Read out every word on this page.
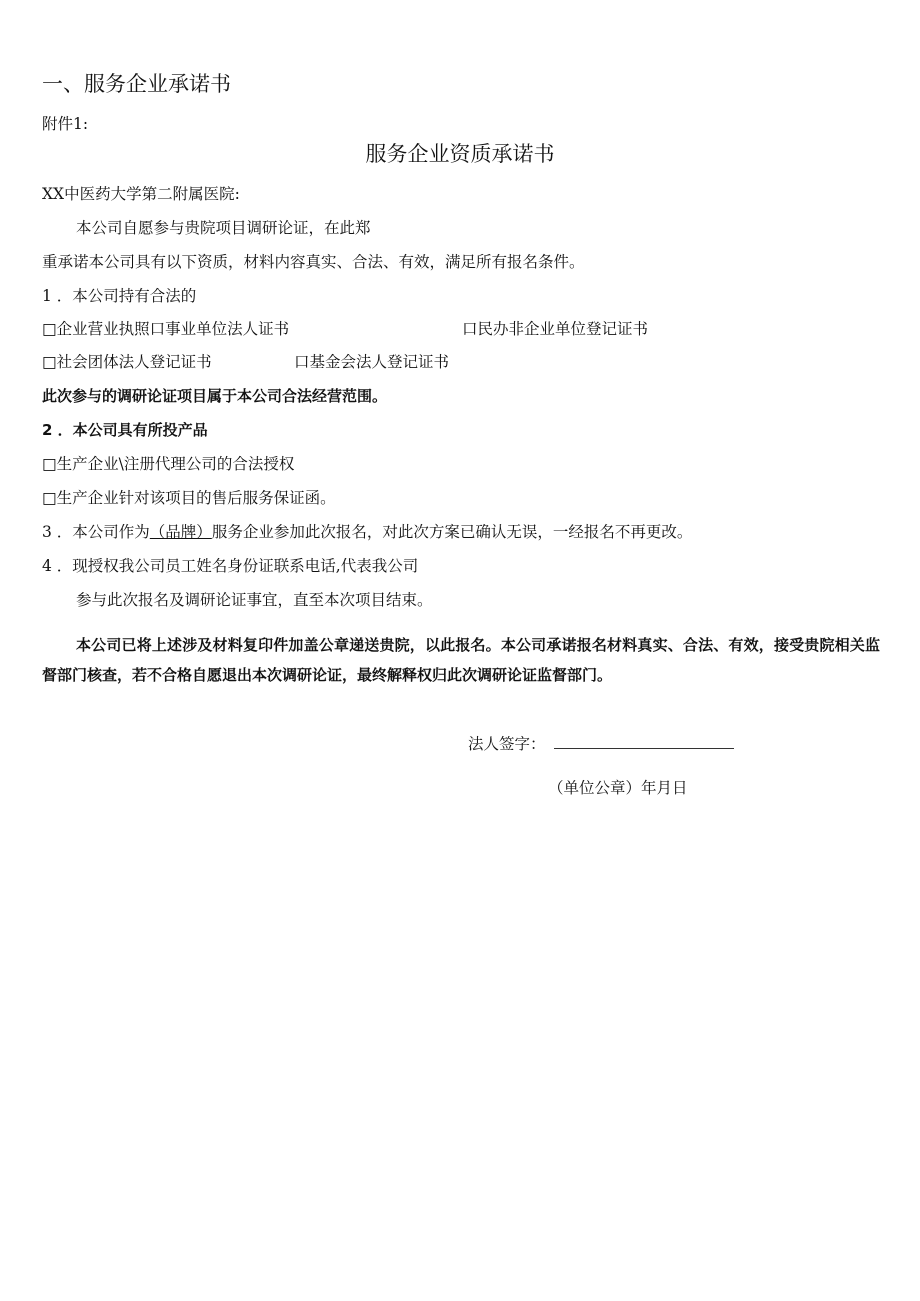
一、服务企业承诺书
附件1:
服务企业资质承诺书
XX中医药大学第二附属医院:
本公司自愿参与贵院项目调研论证，在此郑
重承诺本公司具有以下资质，材料内容真实、合法、有效，满足所有报名条件。
1 ．本公司持有合法的
□企业营业执照口事业单位法人证书	口民办非企业单位登记证书
□社会团体法人登记证书	口基金会法人登记证书
此次参与的调研论证项目属于本公司合法经营范围。
2 ．本公司具有所投产品
□生产企业\注册代理公司的合法授权
□生产企业针对该项目的售后服务保证函。
3 ．本公司作为（品牌）服务企业参加此次报名，对此次方案已确认无误，一经报名不再更改。
4 ．现授权我公司员工姓名身份证联系电话,代表我公司
参与此次报名及调研论证事宜，直至本次项目结束。
本公司已将上述涉及材料复印件加盖公章递送贵院，以此报名。本公司承诺报名材料真实、合法、有效，接受贵院相关监督部门核查，若不合格自愿退出本次调研论证，最终解释权归此次调研论证监督部门。
法人签字：
（单位公章）年月日
